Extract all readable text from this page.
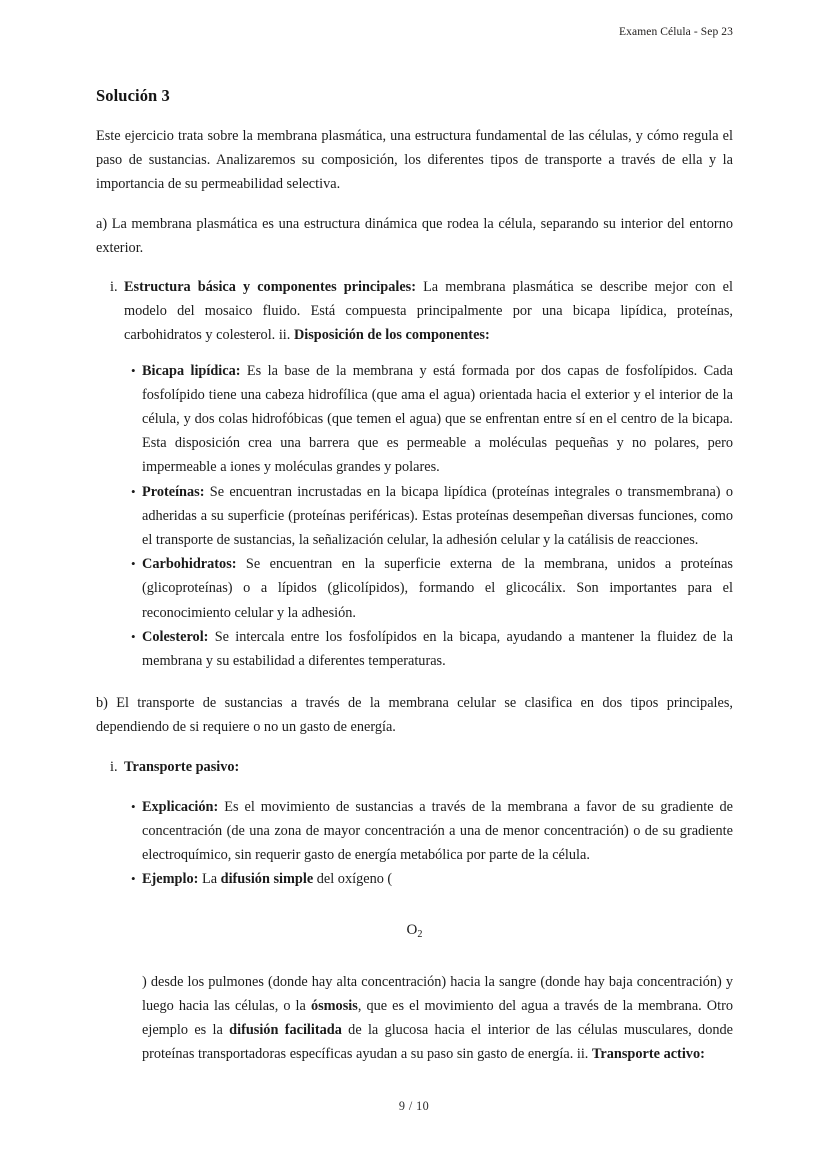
Examen Célula - Sep 23
Solución 3

Este ejercicio trata sobre la membrana plasmática, una estructura fundamental de las células, y cómo regula el paso de sustancias. Analizaremos su composición, los diferentes tipos de transporte a través de ella y la importancia de su permeabilidad selectiva.

a) La membrana plasmática es una estructura dinámica que rodea la célula, separando su interior del entorno exterior.

i. Estructura básica y componentes principales: La membrana plasmática se describe mejor con el modelo del mosaico fluido. Está compuesta principalmente por una bicapa lipídica, proteínas, carbohidratos y colesterol. ii. Disposición de los componentes:
• Bicapa lipídica: Es la base de la membrana y está formada por dos capas de fosfolípidos. Cada fosfolípido tiene una cabeza hidrofílica (que ama el agua) orientada hacia el exterior y el interior de la célula, y dos colas hidrofóbicas (que temen el agua) que se enfrentan entre sí en el centro de la bicapa. Esta disposición crea una barrera que es permeable a moléculas pequeñas y no polares, pero impermeable a iones y moléculas grandes y polares.
• Proteínas: Se encuentran incrustadas en la bicapa lipídica (proteínas integrales o transmembrana) o adheridas a su superficie (proteínas periféricas). Estas proteínas desempeñan diversas funciones, como el transporte de sustancias, la señalización celular, la adhesión celular y la catálisis de reacciones.
• Carbohidratos: Se encuentran en la superficie externa de la membrana, unidos a proteínas (glicoproteínas) o a lípidos (glicolípidos), formando el glicocálix. Son importantes para el reconocimiento celular y la adhesión.
• Colesterol: Se intercala entre los fosfolípidos en la bicapa, ayudando a mantener la fluidez de la membrana y su estabilidad a diferentes temperaturas.

b) El transporte de sustancias a través de la membrana celular se clasifica en dos tipos principales, dependiendo de si requiere o no un gasto de energía.

i. Transporte pasivo:
• Explicación: Es el movimiento de sustancias a través de la membrana a favor de su gradiente de concentración (de una zona de mayor concentración a una de menor concentración) o de su gradiente electroquímico, sin requerir gasto de energía metabólica por parte de la célula.
• Ejemplo: La difusión simple del oxígeno (
$O_2$

) desde los pulmones (donde hay alta concentración) hacia la sangre (donde hay baja concentración) y luego hacia las células, o la ósmosis, que es el movimiento del agua a través de la membrana. Otro ejemplo es la difusión facilitada de la glucosa hacia el interior de las células musculares, donde proteínas transportadoras específicas ayudan a su paso sin gasto de energía. ii. Transporte activo:

9 / 10
